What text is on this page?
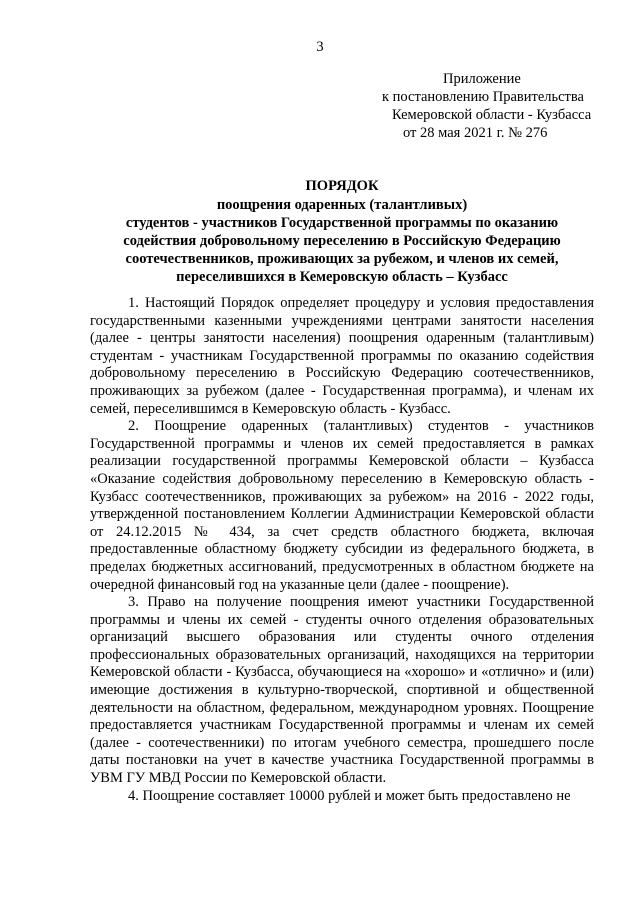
3
Приложение
к постановлению Правительства
Кемеровской области - Кузбасса
от 28 мая 2021 г. № 276
ПОРЯДОК
поощрения одаренных (талантливых)
студентов - участников Государственной программы по оказанию
содействия добровольному переселению в Российскую Федерацию
соотечественников, проживающих за рубежом, и членов их семей,
переселившихся в Кемеровскую область – Кузбасс

1. Настоящий Порядок определяет процедуру и условия предоставления государственными казенными учреждениями центрами занятости населения (далее - центры занятости населения) поощрения одаренным (талантливым) студентам - участникам Государственной программы по оказанию содействия добровольному переселению в Российскую Федерацию соотечественников, проживающих за рубежом (далее - Государственная программа), и членам их семей, переселившимся в Кемеровскую область - Кузбасс.

2. Поощрение одаренных (талантливых) студентов - участников Государственной программы и членов их семей предоставляется в рамках реализации государственной программы Кемеровской области – Кузбасса «Оказание содействия добровольному переселению в Кемеровскую область - Кузбасс соотечественников, проживающих за рубежом» на 2016 - 2022 годы, утвержденной постановлением Коллегии Администрации Кемеровской области от 24.12.2015 № 434, за счет средств областного бюджета, включая предоставленные областному бюджету субсидии из федерального бюджета, в пределах бюджетных ассигнований, предусмотренных в областном бюджете на очередной финансовый год на указанные цели (далее - поощрение).

3. Право на получение поощрения имеют участники Государственной программы и члены их семей - студенты очного отделения образовательных организаций высшего образования или студенты очного отделения профессиональных образовательных организаций, находящихся на территории Кемеровской области - Кузбасса, обучающиеся на «хорошо» и «отлично» и (или) имеющие достижения в культурно-творческой, спортивной и общественной деятельности на областном, федеральном, международном уровнях. Поощрение предоставляется участникам Государственной программы и членам их семей (далее - соотечественники) по итогам учебного семестра, прошедшего после даты постановки на учет в качестве участника Государственной программы в УВМ ГУ МВД России по Кемеровской области.

4. Поощрение составляет 10000 рублей и может быть предоставлено не
